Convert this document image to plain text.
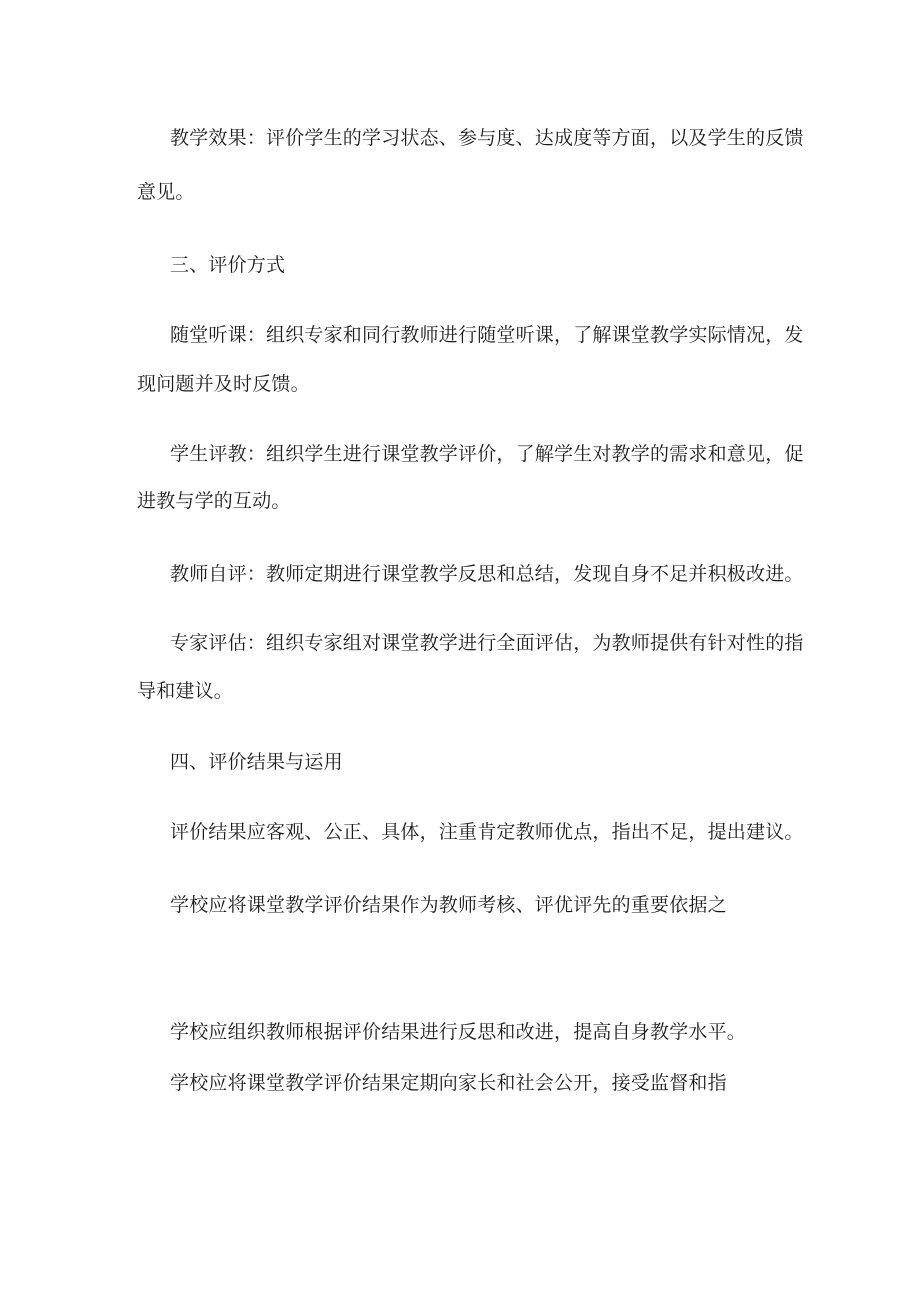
教学效果：评价学生的学习状态、参与度、达成度等方面，以及学生的反馈
意见。
三、评价方式
随堂听课：组织专家和同行教师进行随堂听课，了解课堂教学实际情况，发
现问题并及时反馈。
学生评教：组织学生进行课堂教学评价，了解学生对教学的需求和意见，促
进教与学的互动。
教师自评：教师定期进行课堂教学反思和总结，发现自身不足并积极改进。
专家评估：组织专家组对课堂教学进行全面评估，为教师提供有针对性的指
导和建议。
四、评价结果与运用
评价结果应客观、公正、具体，注重肯定教师优点，指出不足，提出建议。
学校应将课堂教学评价结果作为教师考核、评优评先的重要依据之
学校应组织教师根据评价结果进行反思和改进，提高自身教学水平。
学校应将课堂教学评价结果定期向家长和社会公开，接受监督和指
